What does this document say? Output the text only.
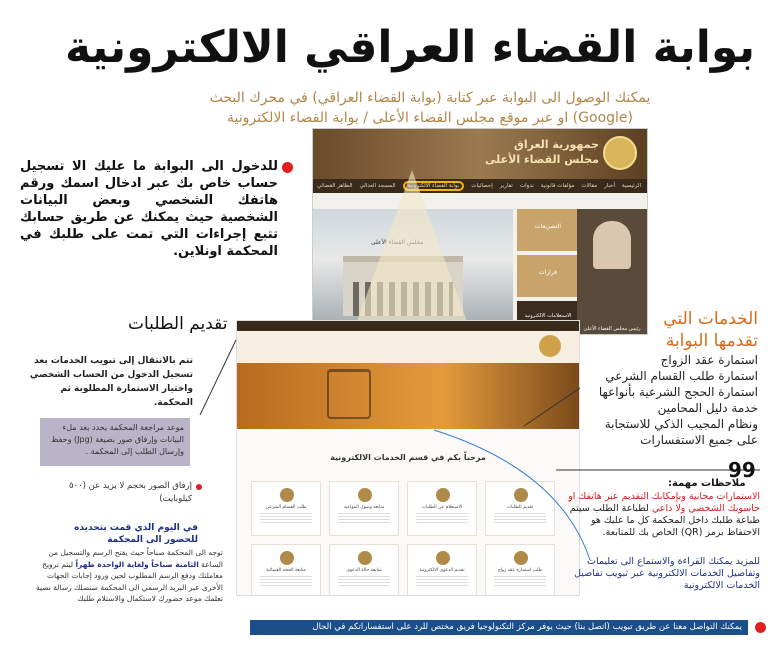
بوابة القضاء العراقي الالكترونية
يمكنك الوصول الى البوابة عبر كتابة (بوابة القضاء العراقي) في محرك البحث
(Google) او عبر موقع مجلس القضاء الأعلى / بوابة القضاء الالكترونية
جمهورية العراق
مجلس القضاء الأعلى
الرئيسية
أخبار
مقالات
مؤلفات قانونية
ندوات
تقارير
إحصائيات
بوابة القضاء الالكترونية
المسجد العدالي
الظاهر القضائي
مجلس القضاء الأعلى
التشريعات
قرارات
الاستعلامات الالكترونية
رئيس مجلس القضاء الأعلى
للدخول الى البوابة ما عليك الا تسجيل حساب خاص بك عبر ادخال اسمك ورقم هاتفك الشخصي وبعض البيانات الشخصية حيث يمكنك عن طريق حسابك تتبع إجراءات التي تمت على طلبك في المحكمة اونلاين.
تقديم الطلبات
تتم بالانتقال إلى تبويب الخدمات بعد تسجيل الدخول من الحساب الشخصي واختيار الاستمارة المطلوبة ثم المحكمة.
موعد مراجعة المحكمة يحدد بعد ملء البيانات وإرفاق صور بصيغة (Jpg) وحفظ وإرسال الطلب إلى المحكمة .
إرفاق الصور بحجم لا يزيد عن (٥٠٠ كيلوبايت)
في اليوم الذي قمت بتحديده للحضور الى المحكمة
توجه الى المحكمة صباحاً حيث يفتح الرسم والتسجيل من الساعة الثامنة صباحاً ولغاية الواحدة ظهراً ليتم ترويج معاملتك ودفع الرسم المطلوب لحين ورود إجابات الجهات الأخرى عبر البريد الرسمي الى المحكمة ستصلك رسالة نصية تعلمك موعد حضورك لاستكمال والاستلام طلبك
مرحباً بكم في قسم الخدمات الالكترونية
تقديم الطلبات
الاستعلام عن الطلبات
متابعة وصول المواعيد
طلب القسام الشرعي
طلب استمارة عقد زواج
تقديم الدعوى الالكترونية
متابعة حالة الدعوى
متابعة الحجة القضائية
الخدمات التي
تقدمها البوابة
استمارة عقد الزواج
استمارة طلب القسام الشرعي
استمارة الحجج الشرعية بأنواعها
خدمة دليل المحامين
ونظام المجيب الذكي للاستجابة
على جميع الاستفسارات
99
ملاحظات مهمة:
الاستمارات مجانية وبإمكانك التقديم عبر هاتفك او حاسوبك الشخصي ولا داعي لطباعة الطلب سيتم طباعة طلبك داخل المحكمة كل ما عليك هو الاحتفاظ برمز (QR) الخاص بك للمتابعة.
للمزيد يمكنك القراءة والاستماع الى تعليمات وتفاصيل الخدمات الالكترونية عبر تبويب تفاصيل الخدمات الالكترونية
يمكنك التواصل معنا عن طريق تبويب (اتصل بنا) حيث يوفر مركز التكنولوجيا فريق مختص للرد على استفساراتكم في الحال
